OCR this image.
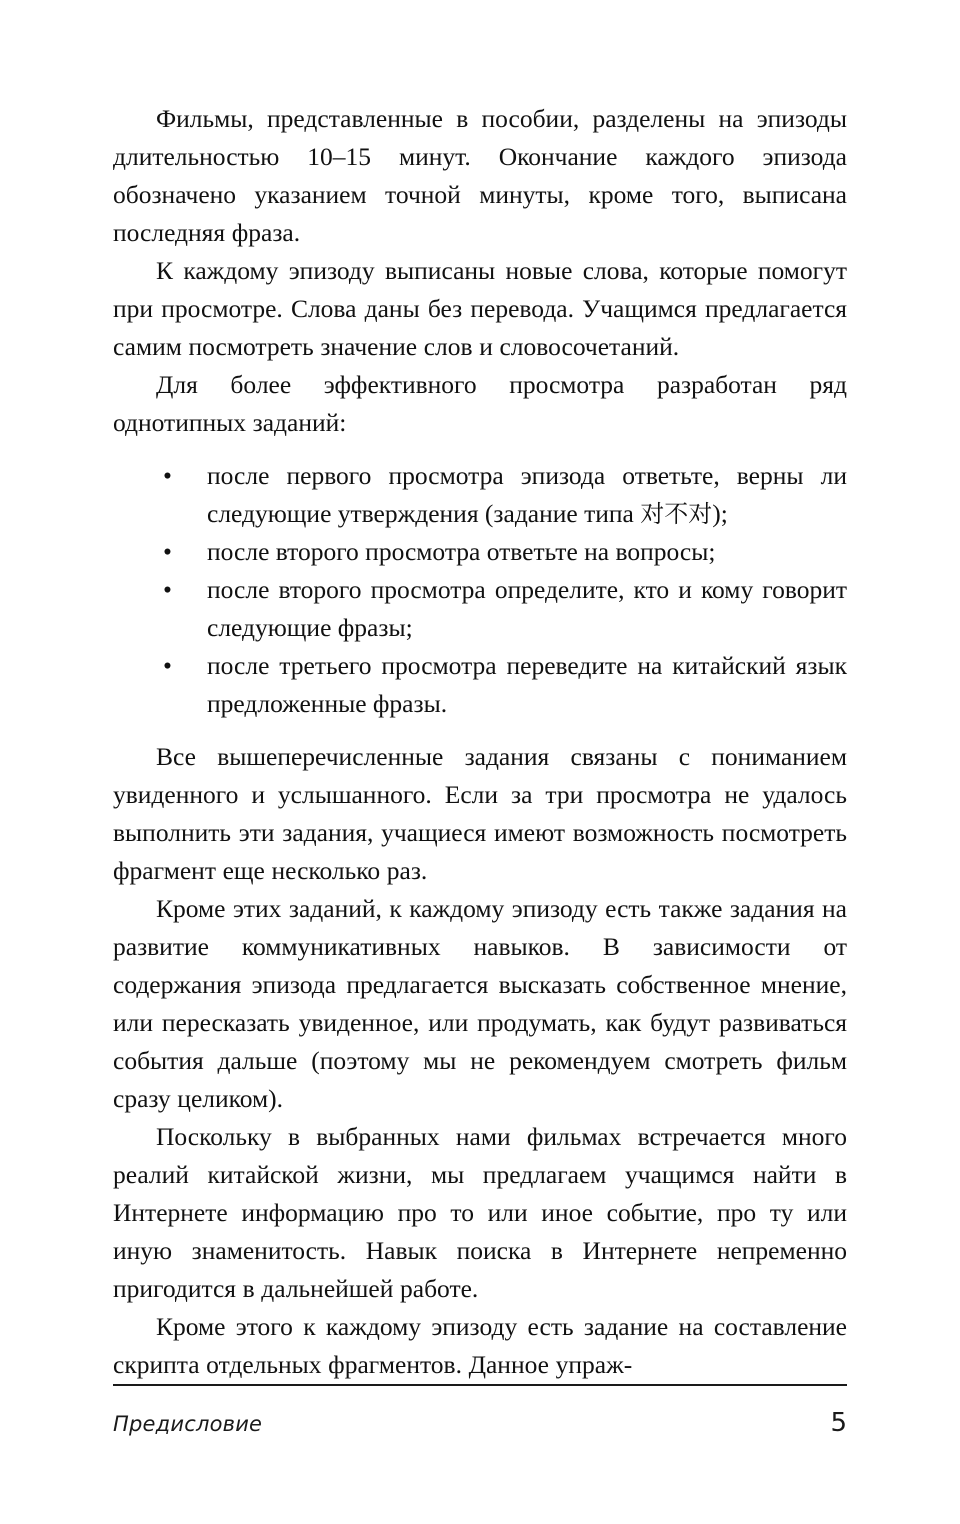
Фильмы, представленные в пособии, разделены на эпизоды длительностью 10–15 минут. Окончание каждого эпизода обозначено указанием точной минуты, кроме того, выписана последняя фраза.

К каждому эпизоду выписаны новые слова, которые помогут при просмотре. Слова даны без перевода. Учащимся предлагается самим посмотреть значение слов и словосочетаний.

Для более эффективного просмотра разработан ряд однотипных заданий:

• после первого просмотра эпизода ответьте, верны ли следующие утверждения (задание типа 对不对);
• после второго просмотра ответьте на вопросы;
• после второго просмотра определите, кто и кому говорит следующие фразы;
• после третьего просмотра переведите на китайский язык предложенные фразы.

Все вышеперечисленные задания связаны с пониманием увиденного и услышанного. Если за три просмотра не удалось выполнить эти задания, учащиеся имеют возможность посмотреть фрагмент еще несколько раз.

Кроме этих заданий, к каждому эпизоду есть также задания на развитие коммуникативных навыков. В зависимости от содержания эпизода предлагается высказать собственное мнение, или пересказать увиденное, или продумать, как будут развиваться события дальше (поэтому мы не рекомендуем смотреть фильм сразу целиком).

Поскольку в выбранных нами фильмах встречается много реалий китайской жизни, мы предлагаем учащимся найти в Интернете информацию про то или иное событие, про ту или иную знаменитость. Навык поиска в Интернете непременно пригодится в дальнейшей работе.

Кроме этого к каждому эпизоду есть задание на составление скрипта отдельных фрагментов. Данное упраж-

Предисловие	5
